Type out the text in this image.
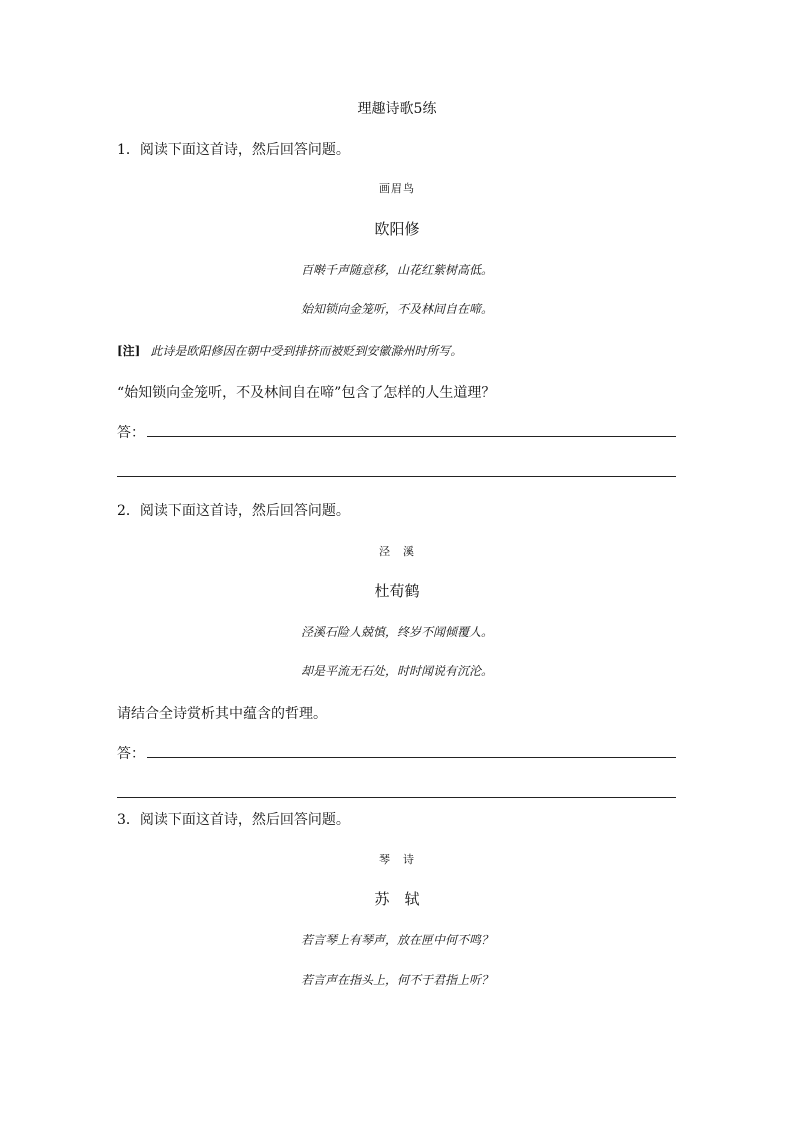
理趣诗歌5练
1．阅读下面这首诗，然后回答问题。
画眉鸟
欧阳修
百啭千声随意移，山花红紫树高低。
始知锁向金笼听，不及林间自在啼。
[注] 此诗是欧阳修因在朝中受到排挤而被贬到安徽滁州时所写。
“始知锁向金笼听，不及林间自在啼”包含了怎样的人生道理？
答：
2．阅读下面这首诗，然后回答问题。
泾　溪
杜荀鹤
泾溪石险人兢慎，终岁不闻倾覆人。
却是平流无石处，时时闻说有沉沦。
请结合全诗赏析其中蕴含的哲理。
答：
3．阅读下面这首诗，然后回答问题。
琴　诗
苏　轼
若言琴上有琴声，放在匣中何不鸣？
若言声在指头上，何不于君指上听？
